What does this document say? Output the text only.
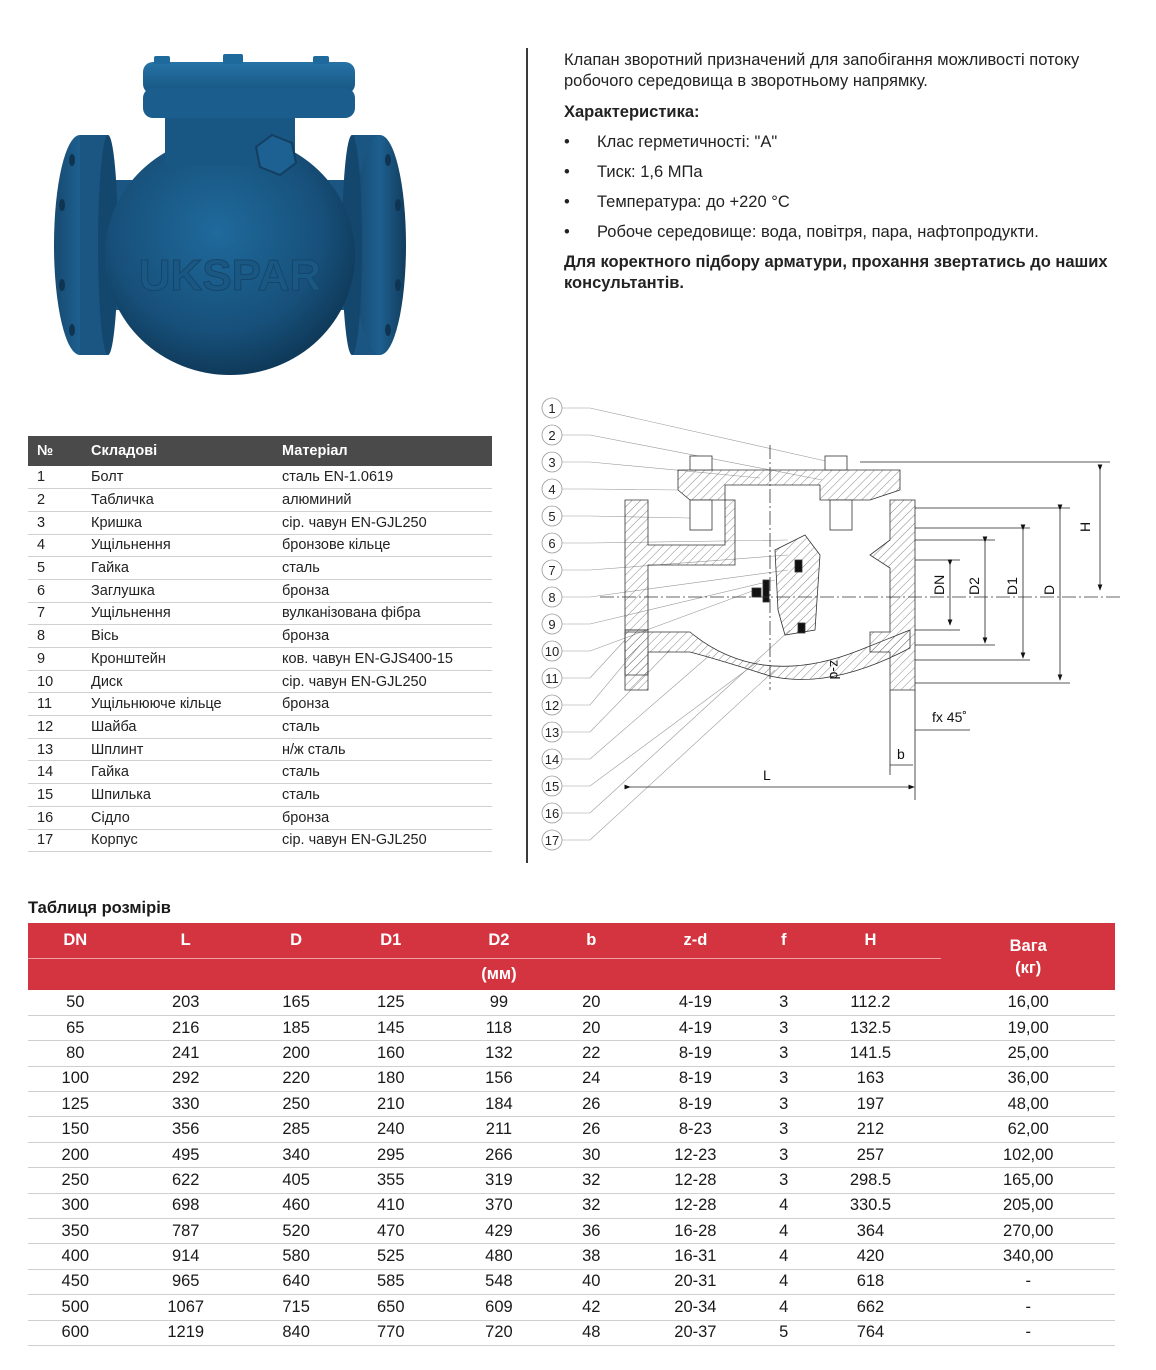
UKSPAR

Клапан зворотний призначений для запобігання можливості потоку робочого середовища в зворотньому напрямку.

Характеристика:

• Клас герметичності: "А"
• Тиск: 1,6 МПа
• Температура: до +220 °С
• Робоче середовище: вода, повітря, пара, нафтопродукти.

Для коректного підбору арматури, прохання звертатись до наших консультантів.

№	Складові	Матеріал
1	Болт	сталь EN-1.0619
2	Табличка	алюминий
3	Кришка	сір. чавун EN-GJL250
4	Ущільнення	бронзове кільце
5	Гайка	сталь
6	Заглушка	бронза
7	Ущільнення	вулканізована фібра
8	Вісь	бронза
9	Кронштейн	ков. чавун EN-GJS400-15
10	Диск	сір. чавун EN-GJL250
11	Ущільнююче кільце	бронза
12	Шайба	сталь
13	Шплинт	н/ж сталь
14	Гайка	сталь
15	Шпилька	сталь
16	Сідло	бронза
17	Корпус	сір. чавун EN-GJL250
1
2
3
4
5
6
7
8
9
10
11
12
13
14
15
16
17
H
DN D2 D1 D
z-d
fx 45˚
b
L
Таблиця розмірів
DN	L	D	D1	D2	b	z-d	f	H	Вага
(кг)
				(мм)					
50	203	165	125	99	20	4-19	3	112.2	16,00
65	216	185	145	118	20	4-19	3	132.5	19,00
80	241	200	160	132	22	8-19	3	141.5	25,00
100	292	220	180	156	24	8-19	3	163	36,00
125	330	250	210	184	26	8-19	3	197	48,00
150	356	285	240	211	26	8-23	3	212	62,00
200	495	340	295	266	30	12-23	3	257	102,00
250	622	405	355	319	32	12-28	3	298.5	165,00
300	698	460	410	370	32	12-28	4	330.5	205,00
350	787	520	470	429	36	16-28	4	364	270,00
400	914	580	525	480	38	16-31	4	420	340,00
450	965	640	585	548	40	20-31	4	618	-
500	1067	715	650	609	42	20-34	4	662	-
600	1219	840	770	720	48	20-37	5	764	-
